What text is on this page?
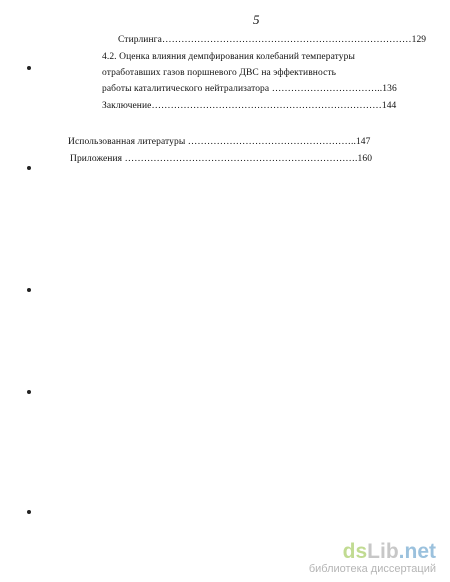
5
Стирлинга……………………………………………………………………129
4.2. Оценка влияния демпфирования колебаний температуры
отработавших газов поршневого ДВС на эффективность
работы каталитического нейтрализатора ……………………………..136
Заключение………………………………………………………………144
Использованная литературы ……………………………………………..147
Приложения ……………………………………………………………….160
dsLib.net
библиотека диссертаций
